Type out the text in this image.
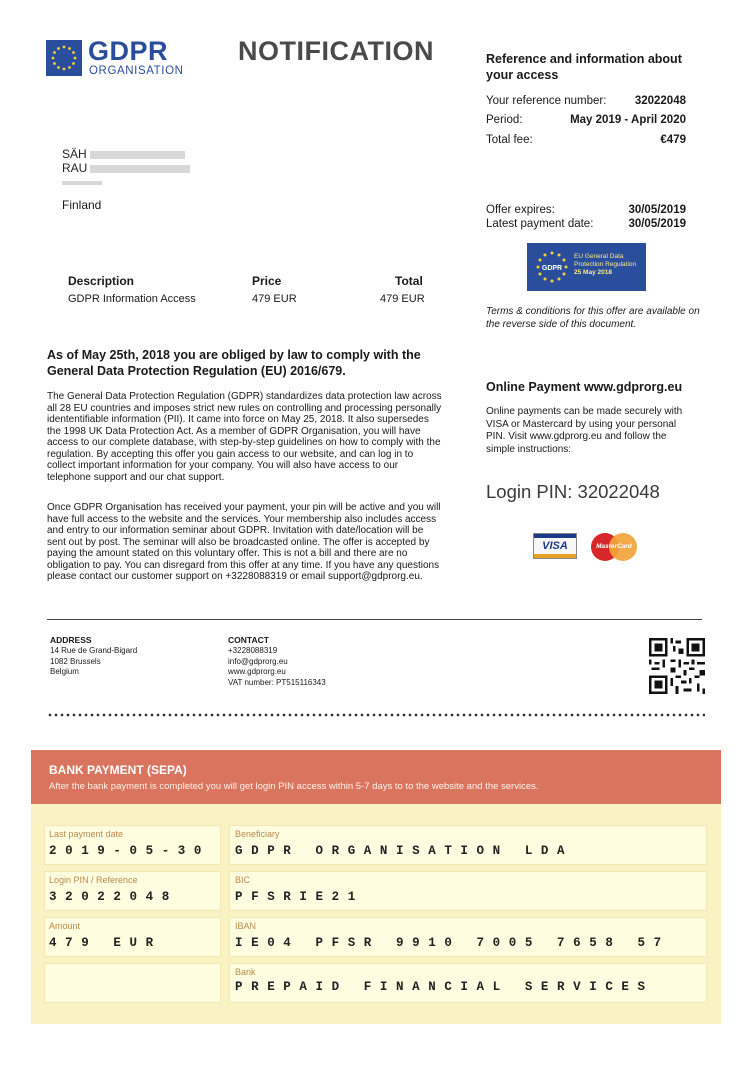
GDPR
ORGANISATION
NOTIFICATION	Reference and information about your access
Your reference number: 32022048
Period:	May 2019 - April 2020
Total fee:	€479
Offer expires:	30/05/2019
Latest payment date:	30/05/2019
GDPR
EU General Data
Protection Regulation
25 May 2018
Terms & conditions for this offer are available on the reverse side of this document.
Online Payment www.gdprorg.eu
Online payments can be made securely with VISA or Mastercard by using your personal PIN. Visit www.gdprorg.eu and follow the simple instructions:
Login PIN: 32022048
VISA	MasterCard
SÄH
RAU
Finland
Description	Price	Total
GDPR Information Access	479 EUR	479 EUR
As of May 25th, 2018 you are obliged by law to comply with the General Data Protection Regulation (EU) 2016/679.
The General Data Protection Regulation (GDPR) standardizes data protection law across all 28 EU countries and imposes strict new rules on controlling and processing personally idententifiable information (PII). It came into force on May 25, 2018. It also supersedes the 1998 UK Data Protection Act. As a member of GDPR Organisation, you will have access to our complete database, with step-by-step guidelines on how to comply with the regulation. By accepting this offer you gain access to our website, and can log in to collect important information for your company. You will also have access to our telephone support and our chat support.
Once GDPR Organisation has received your payment, your pin will be active and you will have full access to the website and the services. Your membership also includes access and entry to our information seminar about GDPR. Invitation with date/location will be sent out by post. The seminar will also be broadcasted online. The offer is accepted by paying the amount stated on this voluntary offer. This is not a bill and there are no obligation to pay. You can disregard from this offer at any time. If you have any questions please contact our customer support on +3228088319 or email support@gdprorg.eu.
ADDRESS
14 Rue de Grand-Bigard
1082 Brussels
Belgium
CONTACT
+3228088319
info@gdprorg.eu
www.gdprorg.eu
VAT number: PT515116343
BANK PAYMENT (SEPA)
After the bank payment is completed you will get login PIN access within 5-7 days to to the website and the services.
Last payment date
2019-05-30
Beneficiary
GDPR ORGANISATION LDA
Login PIN / Reference
32022048
BIC
PFSRIE21
Amount
479 EUR
IBAN
IE04 PFSR 9910 7005 7658 57
Bank
PREPAID FINANCIAL SERVICES
